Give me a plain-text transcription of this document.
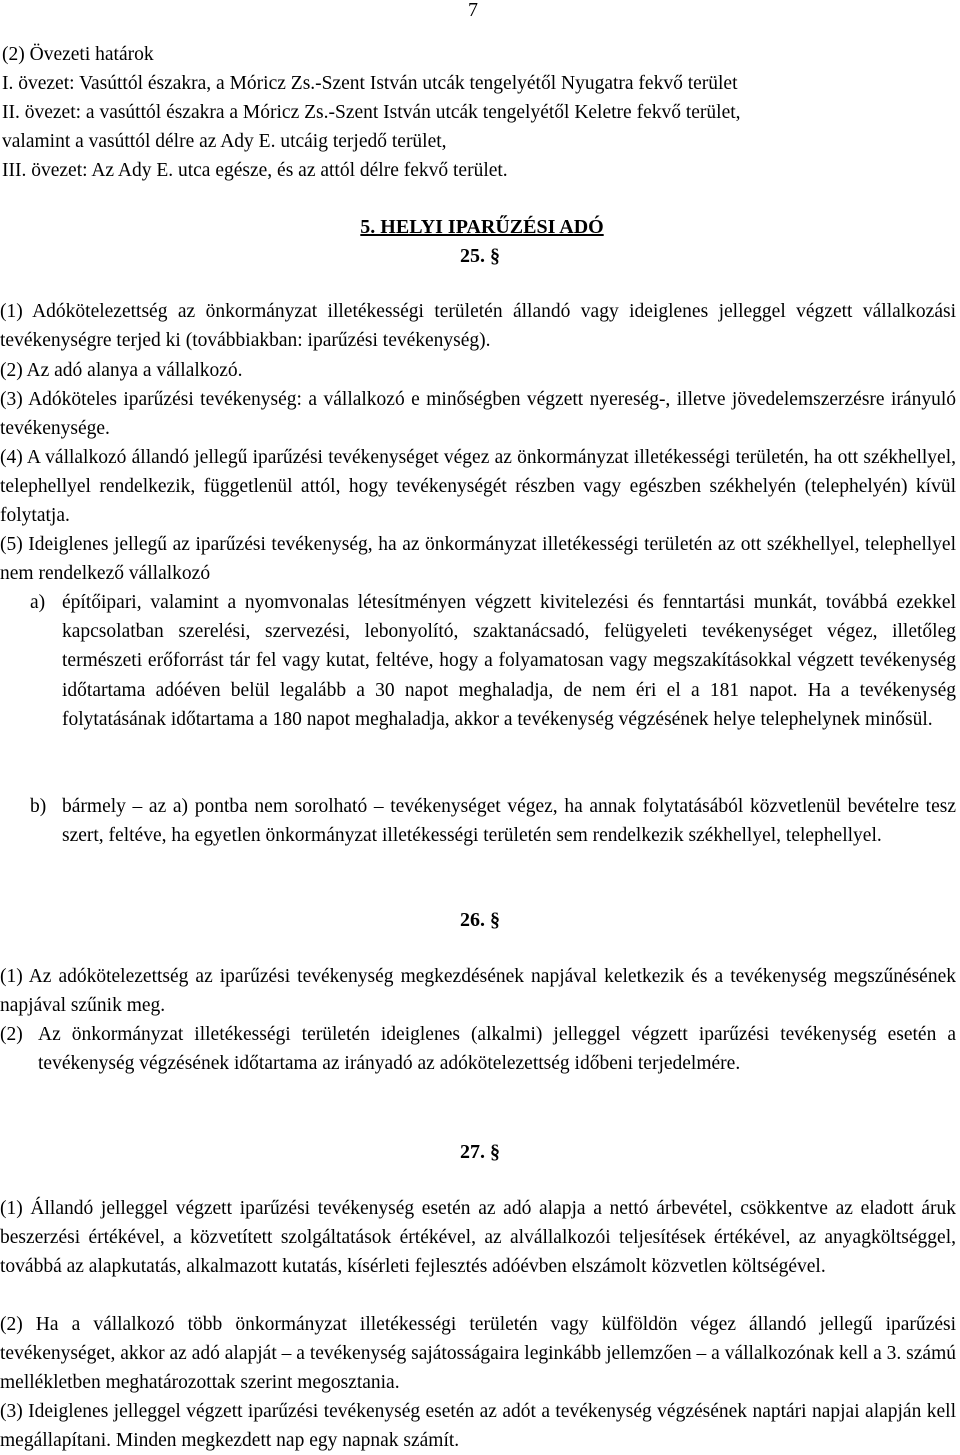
7
(2) Övezeti határok
I. övezet: Vasúttól északra, a Móricz Zs.-Szent István utcák tengelyétől Nyugatra fekvő terület
II. övezet: a vasúttól északra a Móricz Zs.-Szent István utcák tengelyétől Keletre fekvő terület,
valamint a vasúttól délre az Ady E. utcáig terjedő terület,
III. övezet: Az Ady E. utca egésze, és az attól délre fekvő terület.
5. HELYI IPARŰZÉSI ADÓ
25. §
(1) Adókötelezettség az önkormányzat illetékességi területén állandó vagy ideiglenes jelleggel végzett vállalkozási tevékenységre terjed ki (továbbiakban: iparűzési tevékenység).
(2) Az adó alanya a vállalkozó.
(3) Adóköteles iparűzési tevékenység: a vállalkozó e minőségben végzett nyereség-, illetve jövedelemszerzésre irányuló tevékenysége.
(4) A vállalkozó állandó jellegű iparűzési tevékenységet végez az önkormányzat illetékességi területén, ha ott székhellyel, telephellyel rendelkezik, függetlenül attól, hogy tevékenységét részben vagy egészben székhelyén (telephelyén) kívül folytatja.
(5) Ideiglenes jellegű az iparűzési tevékenység, ha az önkormányzat illetékességi területén az ott székhellyel, telephellyel nem rendelkező vállalkozó
a) építőipari, valamint a nyomvonalas létesítményen végzett kivitelezési és fenntartási munkát, továbbá ezekkel kapcsolatban szerelési, szervezési, lebonyolító, szaktanácsadó, felügyeleti tevékenységet végez, illetőleg természeti erőforrást tár fel vagy kutat, feltéve, hogy a folyamatosan vagy megszakításokkal végzett tevékenység időtartama adóéven belül legalább a 30 napot meghaladja, de nem éri el a 181 napot. Ha a tevékenység folytatásának időtartama a 180 napot meghaladja, akkor a tevékenység végzésének helye telephelynek minősül.
b) bármely – az a) pontba nem sorolható – tevékenységet végez, ha annak folytatásából közvetlenül bevételre tesz szert, feltéve, ha egyetlen önkormányzat illetékességi területén sem rendelkezik székhellyel, telephellyel.
26. §
(1) Az adókötelezettség az iparűzési tevékenység megkezdésének napjával keletkezik és a tevékenység megszűnésének napjával szűnik meg.
(2) Az önkormányzat illetékességi területén ideiglenes (alkalmi) jelleggel végzett iparűzési tevékenység esetén a tevékenység végzésének időtartama az irányadó az adókötelezettség időbeni terjedelmére.
27. §
(1) Állandó jelleggel végzett iparűzési tevékenység esetén az adó alapja a nettó árbevétel, csökkentve az eladott áruk beszerzési értékével, a közvetített szolgáltatások értékével, az alvállalkozói teljesítések értékével, az anyagköltséggel, továbbá az alapkutatás, alkalmazott kutatás, kísérleti fejlesztés adóévben elszámolt közvetlen költségével.
(2) Ha a vállalkozó több önkormányzat illetékességi területén vagy külföldön végez állandó jellegű iparűzési tevékenységet, akkor az adó alapját – a tevékenység sajátosságaira leginkább jellemzően – a vállalkozónak kell a 3. számú mellékletben meghatározottak szerint megosztania.
(3) Ideiglenes jelleggel végzett iparűzési tevékenység esetén az adót a tevékenység végzésének naptári napjai alapján kell megállapítani. Minden megkezdett nap egy napnak számít.
